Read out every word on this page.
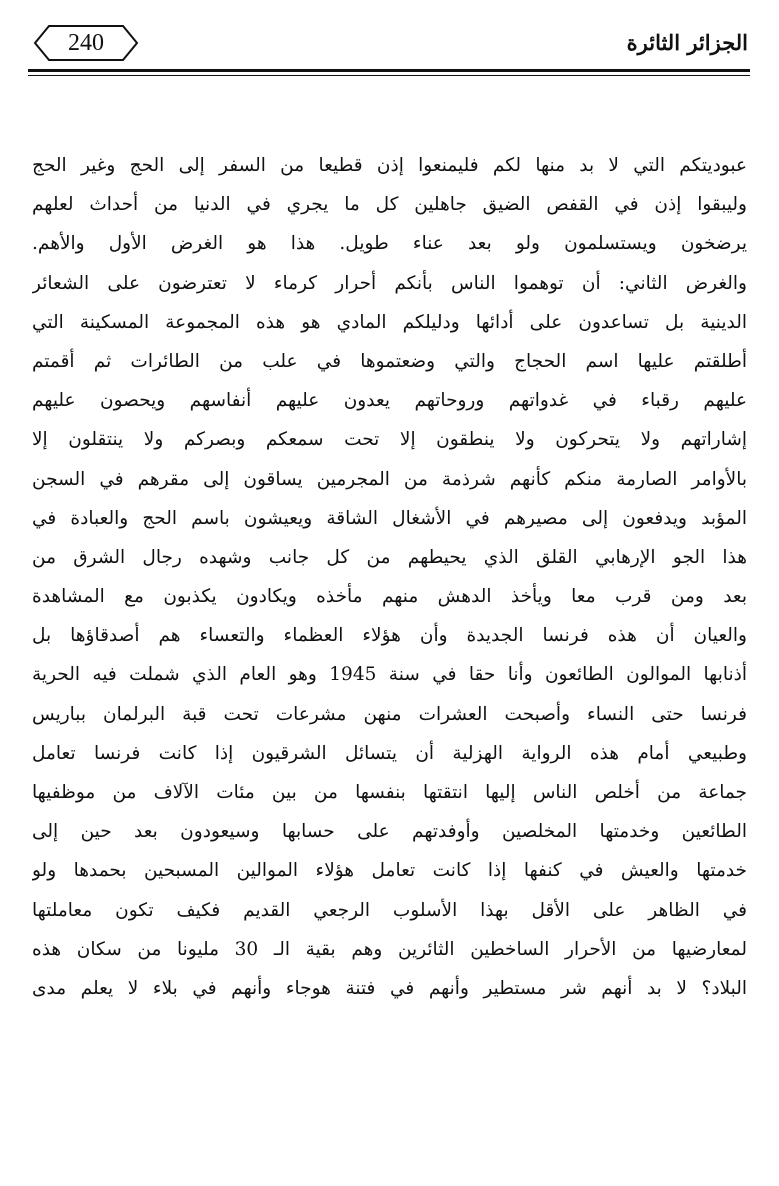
الجزائر الثائرة
240
عبوديتكم التي لا بد منها لكم فليمنعوا إذن قطيعا من السفر إلى الحج وغير الحج
وليبقوا إذن في القفص الضيق جاهلين كل ما يجري في الدنيا من أحداث لعلهم
يرضخون ويستسلمون ولو بعد عناء طويل. هذا هو الغرض الأول والأهم.
والغرض الثاني: أن توهموا الناس بأنكم أحرار كرماء لا تعترضون على الشعائر
الدينية بل تساعدون على أدائها ودليلكم المادي هو هذه المجموعة المسكينة التي
أطلقتم عليها اسم الحجاج والتي وضعتموها في علب من الطائرات ثم أقمتم
عليهم رقباء في غدواتهم وروحاتهم يعدون عليهم أنفاسهم ويحصون عليهم
إشاراتهم ولا يتحركون ولا ينطقون إلا تحت سمعكم وبصركم ولا ينتقلون إلا
بالأوامر الصارمة منكم كأنهم شرذمة من المجرمين يساقون إلى مقرهم في السجن
المؤبد ويدفعون إلى مصيرهم في الأشغال الشاقة ويعيشون باسم الحج والعبادة في
هذا الجو الإرهابي القلق الذي يحيطهم من كل جانب وشهده رجال الشرق من
بعد ومن قرب معا ويأخذ الدهش منهم مأخذه ويكادون يكذبون مع المشاهدة
والعيان أن هذه فرنسا الجديدة وأن هؤلاء العظماء والتعساء هم أصدقاؤها بل
أذنابها الموالون الطائعون وأنا حقا في سنة 1945 وهو العام الذي شملت فيه الحرية
فرنسا حتى النساء وأصبحت العشرات منهن مشرعات تحت قبة البرلمان بباريس
وطبيعي أمام هذه الرواية الهزلية أن يتسائل الشرقيون إذا كانت فرنسا تعامل
جماعة من أخلص الناس إليها انتقتها بنفسها من بين مئات الآلاف من موظفيها
الطائعين وخدمتها المخلصين وأوفدتهم على حسابها وسيعودون بعد حين إلى
خدمتها والعيش في كنفها إذا كانت تعامل هؤلاء الموالين المسبحين بحمدها ولو
في الظاهر على الأقل بهذا الأسلوب الرجعي القديم فكيف تكون معاملتها
لمعارضيها من الأحرار الساخطين الثائرين وهم بقية الـ 30 مليونا من سكان هذه
البلاد؟ لا بد أنهم شر مستطير وأنهم في فتنة هوجاء وأنهم في بلاء لا يعلم مدى
